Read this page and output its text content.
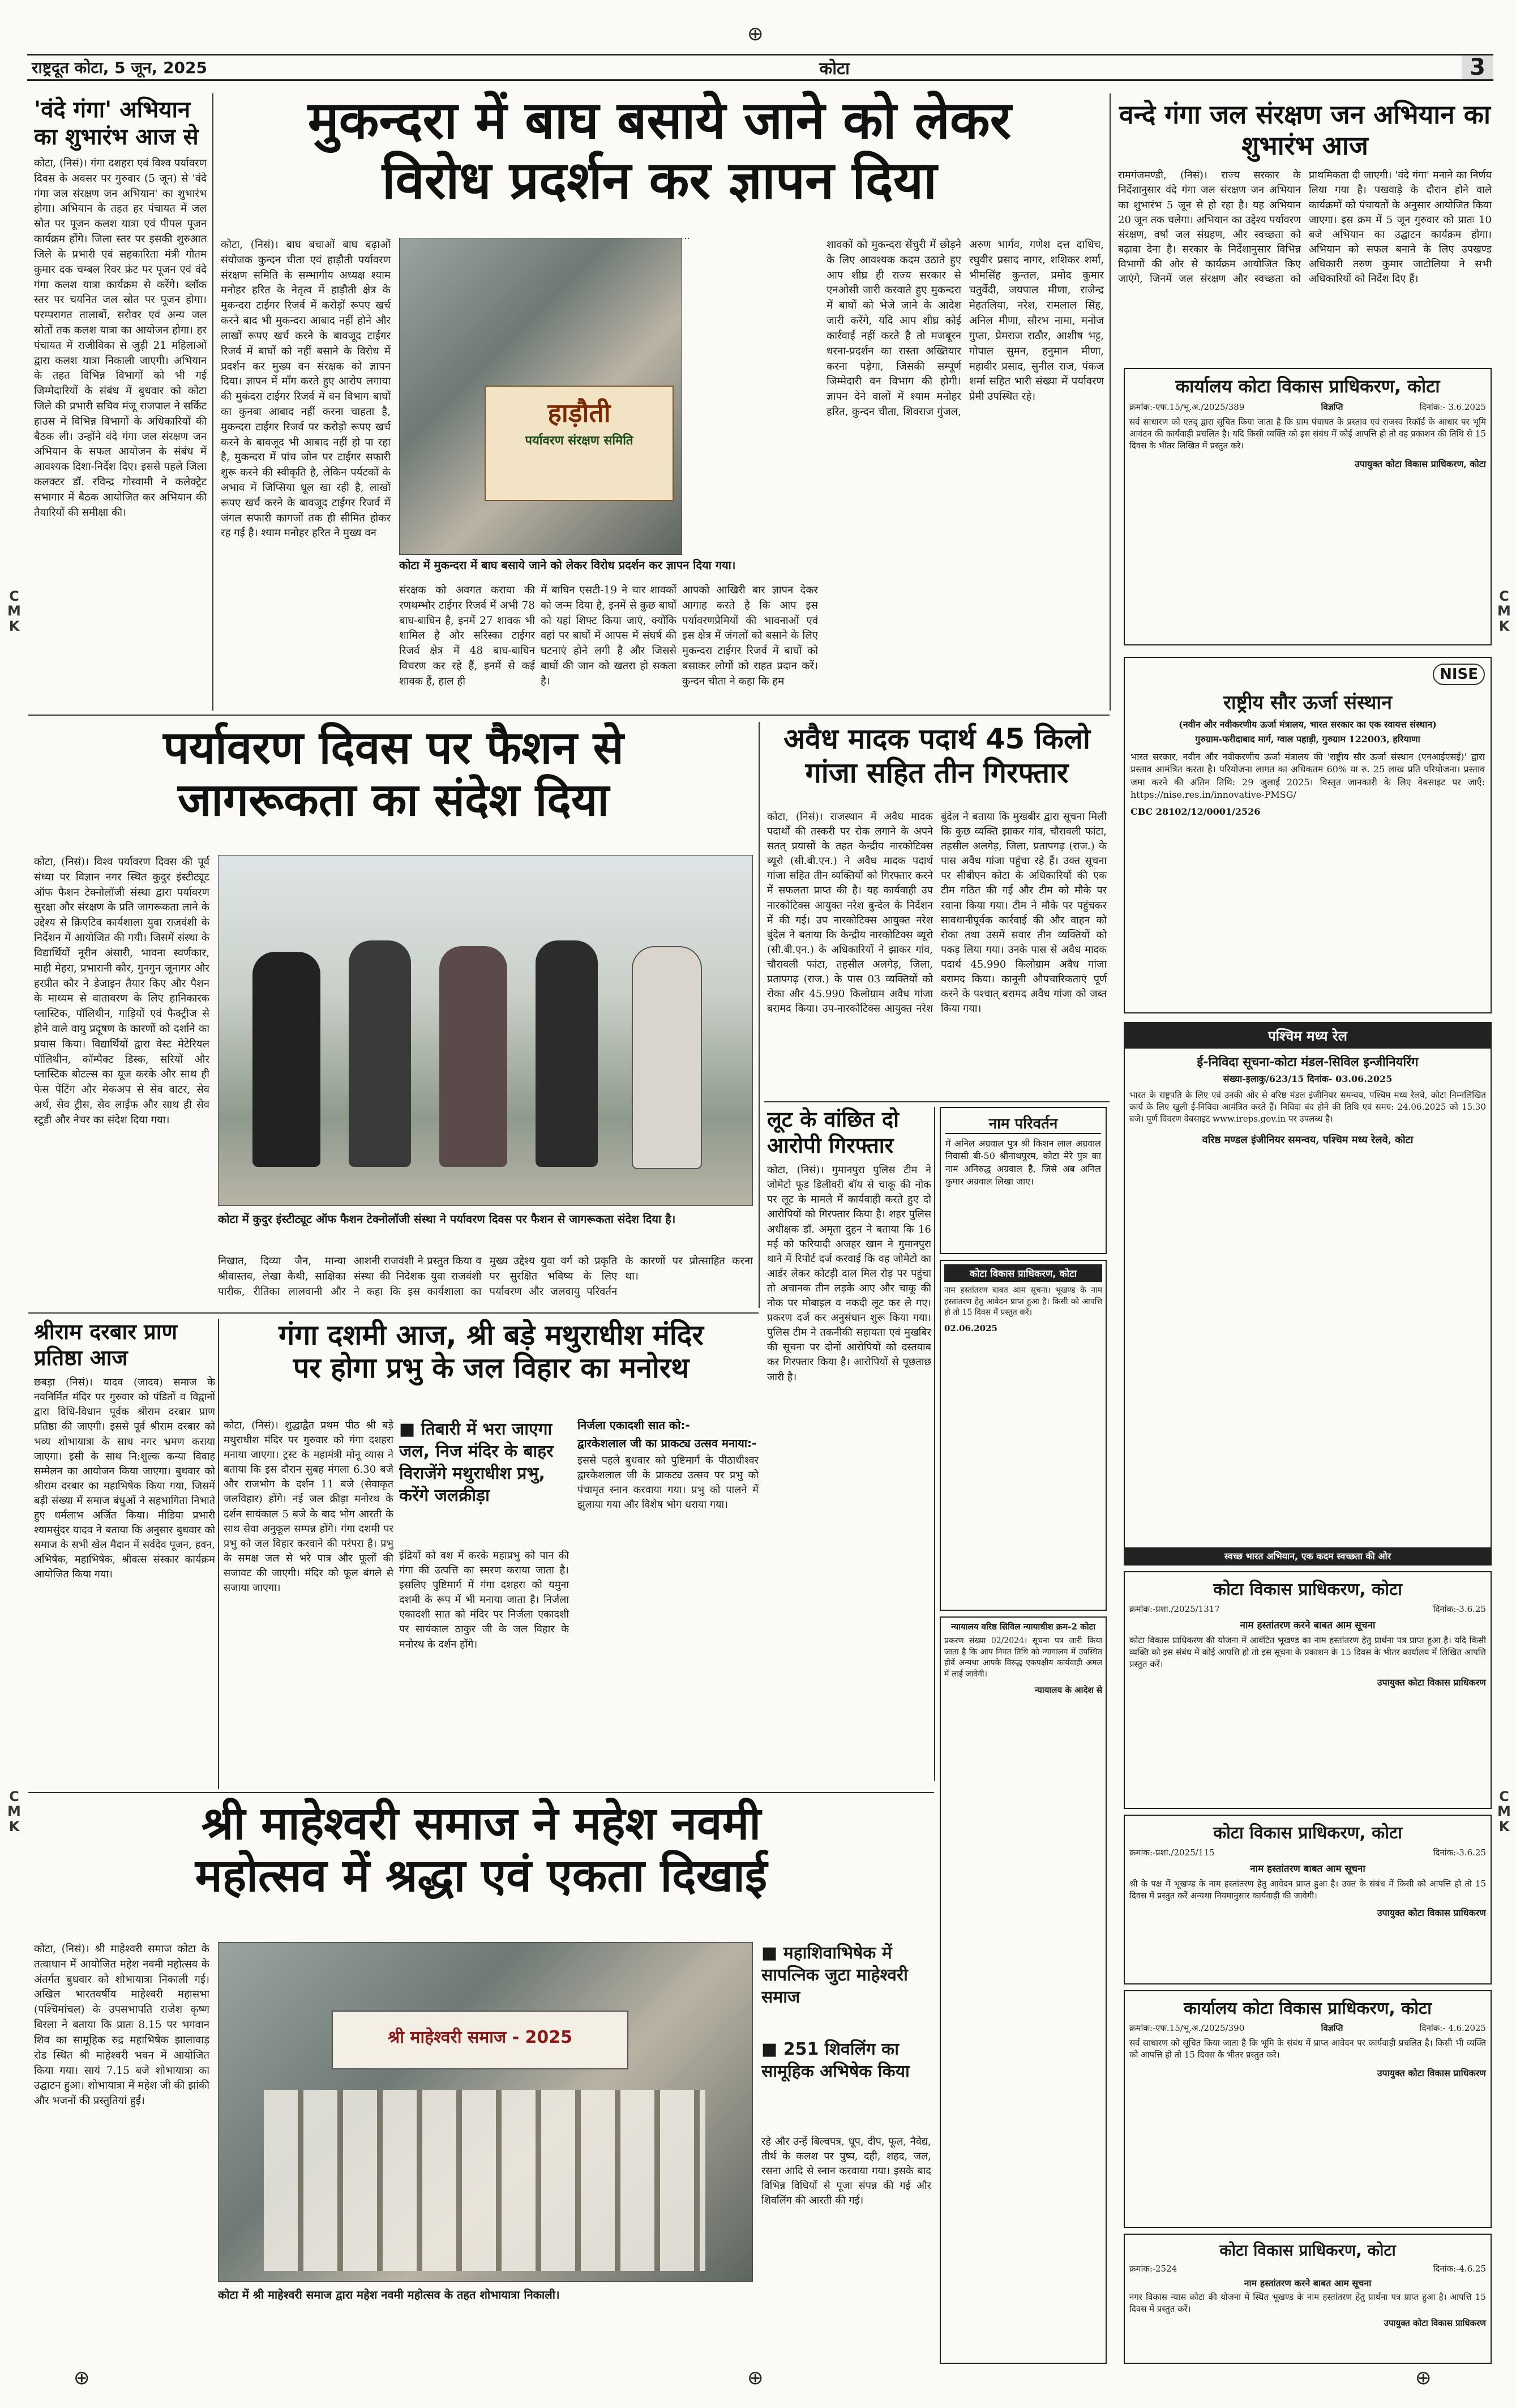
राष्ट्रदूत कोटा, 5 जून, 2025	कोटा	3
⊕
⊕	⊕	⊕
C M K
C M K
C M K
C M K
'वंदे गंगा' अभियान का शुभारंभ आज से
कोटा, (निसं)। गंगा दशहरा एवं विश्व पर्यावरण दिवस के अवसर पर गुरुवार (5 जून) से 'वंदे गंगा जल संरक्षण जन अभियान' का शुभारंभ होगा। अभियान के तहत हर पंचायत में जल स्रोत पर पूजन कलश यात्रा एवं पीपल पूजन कार्यक्रम होंगे। जिला स्तर पर इसकी शुरुआत जिले के प्रभारी एवं सहकारिता मंत्री गौतम कुमार दक चम्बल रिवर फ्रंट पर पूजन एवं वंदे गंगा कलश यात्रा कार्यक्रम से करेंगे। ब्लॉक स्तर पर चयनित जल स्रोत पर पूजन होगा। परम्परागत तालाबों, सरोवर एवं अन्य जल स्रोतों तक कलश यात्रा का आयोजन होगा। हर पंचायत में राजीविका से जुड़ी 21 महिलाओं द्वारा कलश यात्रा निकाली जाएगी। अभियान के तहत विभिन्न विभागों को भी गई जिम्मेदारियों के संबंध में बुधवार को कोटा जिले की प्रभारी सचिव मंजू राजपाल ने सर्किट हाउस में विभिन्न विभागों के अधिकारियों की बैठक ली। उन्होंने वंदे गंगा जल संरक्षण जन अभियान के सफल आयोजन के संबंध में आवश्यक दिशा-निर्देश दिए। इससे पहले जिला कलक्टर डॉ. रविन्द्र गोस्वामी ने कलेक्ट्रेट सभागार में बैठक आयोजित कर अभियान की तैयारियों की समीक्षा की।
मुकन्दरा में बाघ बसाये जाने को लेकर
विरोध प्रदर्शन कर ज्ञापन दिया
कोटा, (निसं)। बाघ बचाओं बाघ बढ़ाओं संयोजक कुन्दन चीता एवं हाड़ौती पर्यावरण संरक्षण समिति के सम्भागीय अध्यक्ष श्याम मनोहर हरित के नेतृत्व में हाड़ौती क्षेत्र के मुकन्दरा टाईगर रिजर्व में करोड़ों रूपए खर्च करने बाद भी मुकन्दरा आबाद नहीं होने और लाखों रूपए खर्च करने के बावजूद टाईगर रिजर्व में बाघों को नहीं बसाने के विरोध में प्रदर्शन कर मुख्य वन संरक्षक को ज्ञापन दिया। ज्ञापन में माँग करते हुए आरोप लगाया की मुकंदरा टाईगर रिजर्व में वन विभाग बाघों का कुनबा आबाद नहीं करना चाहता है, मुकन्दरा टाईगर रिजर्व पर करोड़ो रूपए खर्च करने के बावजूद भी आबाद नहीं हो पा रहा है, मुकन्दरा में पांच जोन पर टाईगर सफारी शुरू करने की स्वीकृति है, लेकिन पर्यटकों के अभाव में जिप्सिया धूल खा रही है, लाखों रूपए खर्च करने के बावजूद टाईगर रिजर्व में जंगल सफारी कागजों तक ही सीमित होकर रह गई है। श्याम मनोहर हरित ने मुख्य वन
हाड़ौती
पर्यावरण संरक्षण समिति
कोटा में मुकन्दरा में बाघ बसाये जाने को लेकर विरोध प्रदर्शन कर ज्ञापन दिया गया।
संरक्षक को अवगत कराया की रणथम्भौर टाईगर रिजर्व में अभी 78 बाघ-बाघिन है, इनमें 27 शावक भी शामिल है और सरिस्का टाईगर रिजर्व क्षेत्र में 48 बाघ-बाघिन विचरण कर रहे हैं, इनमें से कई शावक हैं, हाल ही
में बाघिन एसटी-19 ने चार शावकों को जन्म दिया है, इनमें से कुछ बाघों को यहां शिफ्ट किया जाएं, क्योंकि वहां पर बाघों में आपस में संघर्ष की घटनाएं होने लगी है और जिससे बाघों की जान को खतरा हो सकता है।
आपको आखिरी बार ज्ञापन देकर आगाह करते है कि आप इस पर्यावरणप्रेमियों की भावनाओं एवं इस क्षेत्र में जंगलों को बसाने के लिए मुकन्दरा टाईगर रिजर्व में बाघों को बसाकर लोगों को राहत प्रदान करें। कुन्दन चीता ने कहा कि हम
शावकों को मुकन्दरा सेंचुरी में छोड़ने के लिए आवश्यक कदम उठाते हुए आप शीघ्र ही राज्य सरकार से एनओसी जारी करवाते हुए मुकन्दरा में बाघों को भेजे जाने के आदेश जारी करेंगे, यदि आप शीघ्र कोई कार्रवाई नहीं करते है तो मजबूरन धरना-प्रदर्शन का रास्ता अख्तियार करना पड़ेगा, जिसकी सम्पूर्ण जिम्मेदारी वन विभाग की होगी। ज्ञापन देने वालों में श्याम मनोहर हरित, कुन्दन चीता, शिवराज गुंजल, अरुण भार्गव, गणेश दत्त दाधिच, रघुवीर प्रसाद नागर, शशिकर शर्मा, भीमसिंह कुन्तल, प्रमोद कुमार चतुर्वेदी, जयपाल मीणा, राजेन्द्र मेहतलिया, नरेश, रामलाल सिंह, अनिल मीणा, सौरभ नामा, मनोज गुप्ता, प्रेमराज राठौर, आशीष भट्ट, गोपाल सुमन, हनुमान मीणा, महावीर प्रसाद, सुनील राज, पंकज शर्मा सहित भारी संख्या में पर्यावरण प्रेमी उपस्थित रहे।
वन्दे गंगा जल संरक्षण जन अभियान का शुभारंभ आज
रामगंजमण्डी, (निसं)। राज्य सरकार के निर्देशानुसार वंदे गंगा जल संरक्षण जन अभियान का शुभारंभ 5 जून से हो रहा है। यह अभियान 20 जून तक चलेगा। अभियान का उद्देश्य पर्यावरण संरक्षण, वर्षा जल संग्रहण, और स्वच्छता को बढ़ावा देना है। सरकार के निर्देशानुसार विभिन्न विभागों की ओर से कार्यक्रम आयोजित किए जाएंगे, जिनमें जल संरक्षण और स्वच्छता को प्राथमिकता दी जाएगी। 'वंदे गंगा' मनाने का निर्णय लिया गया है। पखवाड़े के दौरान होने वाले कार्यक्रमों को पंचायतों के अनुसार आयोजित किया जाएगा। इस क्रम में 5 जून गुरुवार को प्रातः 10 बजे अभियान का उद्घाटन कार्यक्रम होगा। अभियान को सफल बनाने के लिए उपखण्ड अधिकारी तरुण कुमार जाटोलिया ने सभी अधिकारियों को निर्देश दिए हैं।
कार्यालय कोटा विकास प्राधिकरण, कोटा
क्रमांक:-एफ.15/भू.अ./2025/389	विज्ञप्ति	दिनांक:- 3.6.2025
सर्व साधारण को एतद् द्वारा सूचित किया जाता है कि ग्राम पंचायत के प्रस्ताव एवं राजस्व रिकॉर्ड के आधार पर भूमि आवंटन की कार्यवाही प्रचलित है। यदि किसी व्यक्ति को इस संबंध में कोई आपत्ति हो तो वह प्रकाशन की तिथि से 15 दिवस के भीतर लिखित में प्रस्तुत करे।
उपायुक्त कोटा विकास प्राधिकरण, कोटा
NISE
राष्ट्रीय सौर ऊर्जा संस्थान
(नवीन और नवीकरणीय ऊर्जा मंत्रालय, भारत सरकार का एक स्वायत्त संस्थान)
गुरुग्राम-फरीदाबाद मार्ग, ग्वाल पहाड़ी, गुरुग्राम 122003, हरियाणा
भारत सरकार, नवीन और नवीकरणीय ऊर्जा मंत्रालय की 'राष्ट्रीय सौर ऊर्जा संस्थान (एनआईएसई)' द्वारा प्रस्ताव आमंत्रित करता है। परियोजना लागत का अधिकतम 60% या रु. 25 लाख प्रति परियोजना। प्रस्ताव जमा करने की अंतिम तिथि: 29 जुलाई 2025। विस्तृत जानकारी के लिए वेबसाइट पर जाएँ: https://nise.res.in/innovative-PMSG/
CBC 28102/12/0001/2526
पश्चिम मध्य रेल
ई-निविदा सूचना-कोटा मंडल-सिविल इन्जीनियरिंग
संख्या-इलाकु/623/15 दिनांक- 03.06.2025
भारत के राष्ट्रपति के लिए एवं उनकी ओर से वरिष्ठ मंडल इंजीनियर समन्वय, पश्चिम मध्य रेलवे, कोटा निम्नलिखित कार्य के लिए खुली ई-निविदा आमंत्रित करते हैं। निविदा बंद होने की तिथि एवं समय: 24.06.2025 को 15.30 बजे। पूर्ण विवरण वेबसाइट www.ireps.gov.in पर उपलब्ध है।
वरिष्ठ मण्डल इंजीनियर समन्वय, पश्चिम मध्य रेलवे, कोटा
स्वच्छ भारत अभियान, एक कदम स्वच्छता की ओर
कोटा विकास प्राधिकरण, कोटा
क्रमांक:-प्रशा./2025/1317	दिनांक:-3.6.25
नाम हस्तांतरण करने बाबत आम सूचना
कोटा विकास प्राधिकरण की योजना में आवंटित भूखण्ड का नाम हस्तांतरण हेतु प्रार्थना पत्र प्राप्त हुआ है। यदि किसी व्यक्ति को इस संबंध में कोई आपत्ति हो तो इस सूचना के प्रकाशन के 15 दिवस के भीतर कार्यालय में लिखित आपत्ति प्रस्तुत करें।
उपायुक्त कोटा विकास प्राधिकरण
कोटा विकास प्राधिकरण, कोटा
क्रमांक:-प्रशा./2025/115	दिनांक:-3.6.25
नाम हस्तांतरण बाबत आम सूचना
श्री के पक्ष में भूखण्ड के नाम हस्तांतरण हेतु आवेदन प्राप्त हुआ है। उक्त के संबंध में किसी को आपत्ति हो तो 15 दिवस में प्रस्तुत करें अन्यथा नियमानुसार कार्यवाही की जावेगी।
उपायुक्त कोटा विकास प्राधिकरण
कार्यालय कोटा विकास प्राधिकरण, कोटा
क्रमांक:-एफ.15/भू.अ./2025/390	विज्ञप्ति	दिनांक:- 4.6.2025
सर्व साधारण को सूचित किया जाता है कि भूमि के संबंध में प्राप्त आवेदन पर कार्यवाही प्रचलित है। किसी भी व्यक्ति को आपत्ति हो तो 15 दिवस के भीतर प्रस्तुत करे।
उपायुक्त कोटा विकास प्राधिकरण
कोटा विकास प्राधिकरण, कोटा
क्रमांक:-2524	दिनांक:-4.6.25
नाम हस्तांतरण करने बाबत आम सूचना
नगर विकास न्यास कोटा की योजना में स्थित भूखण्ड के नाम हस्तांतरण हेतु प्रार्थना पत्र प्राप्त हुआ है। आपत्ति 15 दिवस में प्रस्तुत करें।
उपायुक्त कोटा विकास प्राधिकरण
पर्यावरण दिवस पर फैशन से
जागरूकता का संदेश दिया
कोटा, (निसं)। विश्व पर्यावरण दिवस की पूर्व संध्या पर विज्ञान नगर स्थित कुदुर इंस्टीट्यूट ऑफ फैशन टेक्नोलॉजी संस्था द्वारा पर्यावरण सुरक्षा और संरक्षण के प्रति जागरूकता लाने के उद्देश्य से क्रिएटिव कार्यशाला युवा राजवंशी के निर्देशन में आयोजित की गयी। जिसमें संस्था के विद्यार्थियों नूरीन अंसारी, भावना स्वर्णकार, माही मेहरा, प्रभारानी कौर, गुनगुन जूनागर और हरप्रीत कौर ने डेजाइन तैयार किए और पैशन के माध्यम से वातावरण के लिए हानिकारक प्लास्टिक, पॉलिथीन, गाड़ियों एवं फैक्ट्रीज से होने वाले वायु प्रदूषण के कारणों को दर्शाने का प्रयास किया। विद्यार्थियों द्वारा वेस्ट मेटेरियल पॉलिथीन, कॉम्पैक्ट डिस्क, सरियों और प्लास्टिक बोटल्स का यूज करके और साथ ही फेस पेंटिंग और मेकअप से सेव वाटर, सेव अर्थ, सेव ट्रीस, सेव लाईफ और साथ ही सेव स्टूडी और नेचर का संदेश दिया गया।
कोटा में कुदुर इंस्टीट्यूट ऑफ फैशन टेक्नोलॉजी संस्था ने पर्यावरण दिवस पर फैशन से जागरूकता संदेश दिया है।
निखात, दिव्या जैन, मान्या श्रीवास्तव, लेखा कैथी, साक्षिका पारीक, रीतिका लालवानी और आशनी राजवंशी ने प्रस्तुत किया व संस्था की निदेशक युवा राजवंशी ने कहा कि इस कार्यशाला का मुख्य उद्देश्य युवा वर्ग को प्रकृति पर सुरक्षित भविष्य के लिए पर्यावरण और जलवायु परिवर्तन के कारणों पर प्रोत्साहित करना था।
अवैध मादक पदार्थ 45 किलो
गांजा सहित तीन गिरफ्तार
कोटा, (निसं)। राजस्थान में अवैध मादक पदार्थों की तस्करी पर रोक लगाने के अपने सतत् प्रयासों के तहत केन्द्रीय नारकोटिक्स ब्यूरो (सी.बी.एन.) ने अवैध मादक पदार्थ गांजा सहित तीन व्यक्तियों को गिरफ्तार करने में सफलता प्राप्त की है। यह कार्यवाही उप नारकोटिक्स आयुक्त नरेश बुन्देल के निर्देशन में की गई। उप नारकोटिक्स आयुक्त नरेश बुंदेल ने बताया कि केन्द्रीय नारकोटिक्स ब्यूरो (सी.बी.एन.) के अधिकारियों ने झाकर गांव, चौरावली फांटा, तहसील अलगेड़, जिला, प्रतापगढ़ (राज.) के पास 03 व्यक्तियों को रोका और 45.990 किलोग्राम अवैध गांजा बरामद किया। उप-नारकोटिक्स आयुक्त नरेश बुंदेल ने बताया कि मुखबीर द्वारा सूचना मिली कि कुछ व्यक्ति झाकर गांव, चौरावली फांटा, तहसील अलगेड़, जिला, प्रतापगढ़ (राज.) के पास अवैध गांजा पहुंचा रहे हैं। उक्त सूचना पर सीबीएन कोटा के अधिकारियों की एक टीम गठित की गई और टीम को मौके पर रवाना किया गया। टीम ने मौके पर पहुंचकर सावधानीपूर्वक कार्रवाई की और वाहन को रोका तथा उसमें सवार तीन व्यक्तियों को पकड़ लिया गया। उनके पास से अवैध मादक पदार्थ 45.990 किलोग्राम अवैध गांजा बरामद किया। कानूनी औपचारिकताएं पूर्ण करने के पश्चात् बरामद अवैध गांजा को जब्त किया गया।
लूट के वांछित दो आरोपी गिरफ्तार
कोटा, (निसं)। गुमानपुरा पुलिस टीम ने जोमेटो फूड डिलीवरी बॉय से चाकू की नोक पर लूट के मामले में कार्यवाही करते हुए दो आरोपियों को गिरफ्तार किया है। शहर पुलिस अधीक्षक डॉ. अमृता दुहन ने बताया कि 16 मई को फरियादी अजहर खान ने गुमानपुरा थाने में रिपोर्ट दर्ज करवाई कि वह जोमेटो का आर्डर लेकर कोटड़ी दाल मिल रोड़ पर पहुंचा तो अचानक तीन लड़के आए और चाकू की नोक पर मोबाइल व नकदी लूट कर ले गए। प्रकरण दर्ज कर अनुसंधान शुरू किया गया। पुलिस टीम ने तकनीकी सहायता एवं मुखबिर की सूचना पर दोनों आरोपियों को दस्तयाब कर गिरफ्तार किया है। आरोपियों से पूछताछ जारी है।
नाम परिवर्तन
मैं अनिल अग्रवाल पुत्र श्री किशन लाल अग्रवाल निवासी बी-50 श्रीनाथपुरम, कोटा मेरे पुत्र का नाम अनिरुद्ध अग्रवाल है, जिसे अब अनिल कुमार अग्रवाल लिखा जाए।
कोटा विकास प्राधिकरण, कोटा
नाम हस्तांतरण बाबत आम सूचना। भूखण्ड के नाम हस्तांतरण हेतु आवेदन प्राप्त हुआ है। किसी को आपत्ति हो तो 15 दिवस में प्रस्तुत करें।
02.06.2025
न्यायालय वरिष्ठ सिविल न्यायाधीश क्रम-2 कोटा
प्रकरण संख्या 02/2024। सूचना पत्र जारी किया जाता है कि आप नियत तिथि को न्यायालय में उपस्थित होवें अन्यथा आपके विरुद्ध एकपक्षीय कार्यवाही अमल में लाई जावेगी।
न्यायालय के आदेश से
श्रीराम दरबार प्राण प्रतिष्ठा आज
छबड़ा (निसं)। यादव (जादव) समाज के नवनिर्मित मंदिर पर गुरुवार को पंडितों व विद्वानों द्वारा विधि-विधान पूर्वक श्रीराम दरबार प्राण प्रतिष्ठा की जाएगी। इससे पूर्व श्रीराम दरबार को भव्य शोभायात्रा के साथ नगर भ्रमण कराया जाएगा। इसी के साथ नि:शुल्क कन्या विवाह सम्मेलन का आयोजन किया जाएगा। बुधवार को श्रीराम दरबार का महाभिषेक किया गया, जिसमें बड़ी संख्या में समाज बंधुओं ने सहभागिता निभाते हुए धर्मलाभ अर्जित किया। मीडिया प्रभारी श्यामसुंदर यादव ने बताया कि अनुसार बुधवार को समाज के सभी खेल मैदान में सर्वदेव पूजन, हवन, अभिषेक, महाभिषेक, श्रीवत्स संस्कार कार्यक्रम आयोजित किया गया।
गंगा दशमी आज, श्री बड़े मथुराधीश मंदिर
पर होगा प्रभु के जल विहार का मनोरथ
कोटा, (निसं)। शुद्धाद्वैत प्रथम पीठ श्री बड़े मथुराधीश मंदिर पर गुरुवार को गंगा दशहरा मनाया जाएगा। ट्रस्ट के महामंत्री मोनू व्यास ने बताया कि इस दौरान सुबह मंगला 6.30 बजे और राजभोग के दर्शन 11 बजे (सेवाकृत जलविहार) होंगे। नई जल क्रीड़ा मनोरथ के दर्शन सायंकाल 5 बजे के बाद भोग आरती के साथ सेवा अनुकूल सम्पन्न होंगे। गंगा दशमी पर प्रभु को जल विहार करवाने की परंपरा है। प्रभु के समक्ष जल से भरे पात्र और फूलों की सजावट की जाएगी। मंदिर को फूल बंगले से सजाया जाएगा।
■ तिबारी में भरा जाएगा जल, निज मंदिर के बाहर विराजेंगे मथुराधीश प्रभु, करेंगे जलक्रीड़ा
इंद्रियों को वश में करके महाप्रभु को पान की गंगा की उत्पत्ति का स्मरण कराया जाता है। इसलिए पुष्टिमार्ग में गंगा दशहरा को यमुना दशमी के रूप में भी मनाया जाता है। निर्जला एकादशी सात को मंदिर पर निर्जला एकादशी पर सायंकाल ठाकुर जी के जल विहार के मनोरथ के दर्शन होंगे।
निर्जला एकादशी सात को:-
द्वारकेशलाल जी का प्राकट्य उत्सव मनाया:-
इससे पहले बुधवार को पुष्टिमार्ग के पीठाधीश्वर द्वारकेशलाल जी के प्राकट्य उत्सव पर प्रभु को पंचामृत स्नान करवाया गया। प्रभु को पालने में झुलाया गया और विशेष भोग धराया गया।
श्री माहेश्वरी समाज ने महेश नवमी
महोत्सव में श्रद्धा एवं एकता दिखाई
कोटा, (निसं)। श्री माहेश्वरी समाज कोटा के तत्वाधान में आयोजित महेश नवमी महोत्सव के अंतर्गत बुधवार को शोभायात्रा निकाली गई। अखिल भारतवर्षीय माहेश्वरी महासभा (पश्चिमांचल) के उपसभापति राजेश कृष्ण बिरला ने बताया कि प्रातः 8.15 पर भगवान शिव का सामूहिक रुद्र महाभिषेक झालावाड़ रोड स्थित श्री माहेश्वरी भवन में आयोजित किया गया। सायं 7.15 बजे शोभायात्रा का उद्घाटन हुआ। शोभायात्रा में महेश जी की झांकी और भजनों की प्रस्तुतियां हुईं।
श्री माहेश्वरी समाज - 2025
कोटा में श्री माहेश्वरी समाज द्वारा महेश नवमी महोत्सव के तहत शोभायात्रा निकाली।
■ महाशिवाभिषेक में सापत्निक जुटा माहेश्वरी समाज
■ 251 शिवलिंग का सामूहिक अभिषेक किया
रहे और उन्हें बिल्वपत्र, धूप, दीप, फूल, नैवेद्य, तीर्थ के कलश पर पुष्प, दही, शहद, जल, रसना आदि से स्नान करवाया गया। इसके बाद विभिन्न विधियों से पूजा संपन्न की गई और शिवलिंग की आरती की गई।
